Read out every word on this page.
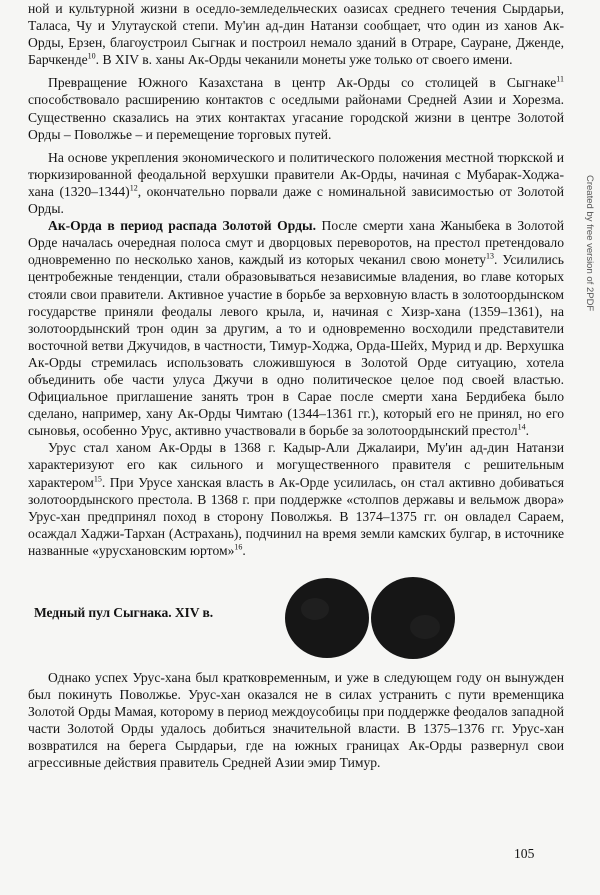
ной и культурной жизни в оседло-земледельческих оазисах среднего течения Сырдарьи, Таласа, Чу и Улутауской степи. Му'ин ад-дин Натанзи сообщает, что один из ханов Ак-Орды, Ерзен, благоустроил Сыгнак и построил немало зданий в Отраре, Сауране, Дженде, Барчкенде$^{10}$. В XIV в. ханы Ак-Орды чеканили монеты уже только от своего имени.

Превращение Южного Казахстана в центр Ак-Орды со столицей в Сыгнаке$^{11}$ способствовало расширению контактов с оседлыми районами Средней Азии и Хорезма. Существенно сказались на этих контактах угасание городской жизни в центре Золотой Орды – Поволжье – и перемещение торговых путей.

На основе укрепления экономического и политического положения местной тюркской и тюркизированной феодальной верхушки правители Ак-Орды, начиная с Мубарак-Ходжа-хана (1320–1344)$^{12}$, окончательно порвали даже с номинальной зависимостью от Золотой Орды.

Ак-Орда в период распада Золотой Орды. После смерти хана Жаныбека в Золотой Орде началась очередная полоса смут и дворцовых переворотов, на престол претендовало одновременно по несколько ханов, каждый из которых чеканил свою монету$^{13}$. Усилились центробежные тенденции, стали образовываться независимые владения, во главе которых стояли свои правители. Активное участие в борьбе за верховную власть в золотоордынском государстве приняли феодалы левого крыла, и, начиная с Хизр-хана (1359–1361), на золотоордынский трон один за другим, а то и одновременно восходили представители восточной ветви Джучидов, в частности, Тимур-Ходжа, Орда-Шейх, Мурид и др. Верхушка Ак-Орды стремилась использовать сложившуюся в Золотой Орде ситуацию, хотела объединить обе части улуса Джучи в одно политическое целое под своей властью. Официальное приглашение занять трон в Сарае после смерти хана Бердибека было сделано, например, хану Ак-Орды Чимтаю (1344–1361 гг.), который его не принял, но его сыновья, особенно Урус, активно участвовали в борьбе за золотоордынский престол$^{14}$.

Урус стал ханом Ак-Орды в 1368 г. Кадыр-Али Джалаири, Му'ин ад-дин Натанзи характеризуют его как сильного и могущественного правителя с решительным характером$^{15}$. При Урусе ханская власть в Ак-Орде усилилась, он стал активно добиваться золотоордынского престола. В 1368 г. при поддержке «столпов державы и вельмож двора» Урус-хан предпринял поход в сторону Поволжья. В 1374–1375 гг. он овладел Сараем, осаждал Хаджи-Тархан (Астрахань), подчинил на время земли камских булгар, в источнике названные «урусхановским юртом»$^{16}$.

Медный пул Сыгнака. XIV в.

Однако успех Урус-хана был кратковременным, и уже в следующем году он вынужден был покинуть Поволжье. Урус-хан оказался не в силах устранить с пути временщика Золотой Орды Мамая, которому в период междоусобицы при поддержке феодалов западной части Золотой Орды удалось добиться значительной власти. В 1375–1376 гг. Урус-хан возвратился на берега Сырдарьи, где на южных границах Ак-Орды развернул свои агрессивные действия правитель Средней Азии эмир Тимур.

105
Created by free version of 2PDF
